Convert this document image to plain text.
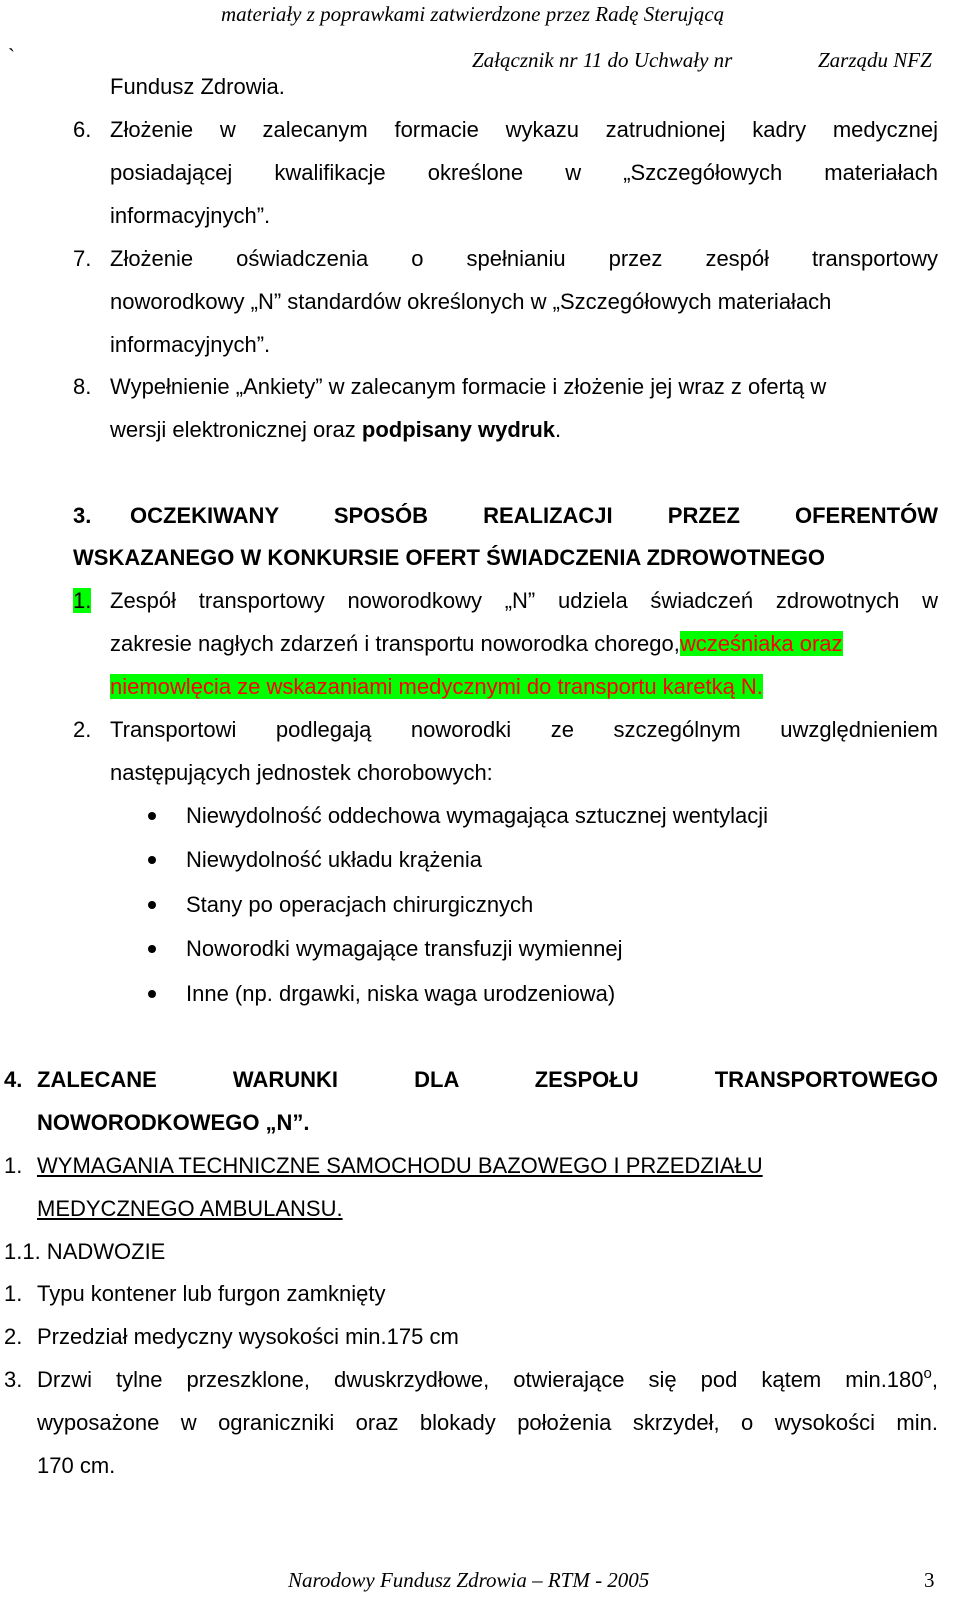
materiały z poprawkami zatwierdzone przez Radę Sterującą
`	Załącznik nr 11 do Uchwały nr	Zarządu NFZ
Fundusz Zdrowia.
6. Złożenie w zalecanym formacie wykazu zatrudnionej kadry medycznej
posiadającej kwalifikacje określone w „Szczegółowych materiałach
informacyjnych”.
7. Złożenie oświadczenia o spełnianiu przez zespół transportowy
noworodkowy „N” standardów określonych w „Szczegółowych materiałach
informacyjnych”.
8. Wypełnienie „Ankiety” w zalecanym formacie i złożenie jej wraz z ofertą w
wersji elektronicznej oraz podpisany wydruk.
3. OCZEKIWANY SPOSÓB REALIZACJI PRZEZ OFERENTÓW
WSKAZANEGO W KONKURSIE OFERT ŚWIADCZENIA ZDROWOTNEGO
1. Zespół transportowy noworodkowy „N” udziela świadczeń zdrowotnych w
zakresie nagłych zdarzeń i transportu noworodka chorego,wcześniaka oraz
niemowlęcia ze wskazaniami medycznymi do transportu karetką N.
2. Transportowi podlegają noworodki ze szczególnym uwzględnieniem
następujących jednostek chorobowych:
Niewydolność oddechowa wymagająca sztucznej wentylacji
Niewydolność układu krążenia
Stany po operacjach chirurgicznych
Noworodki wymagające transfuzji wymiennej
Inne (np. drgawki, niska waga urodzeniowa)
4. ZALECANE WARUNKI DLA ZESPOŁU TRANSPORTOWEGO
NOWORODKOWEGO „N”.
1. WYMAGANIA TECHNICZNE SAMOCHODU BAZOWEGO I PRZEDZIAŁU
MEDYCZNEGO AMBULANSU.
1.1. NADWOZIE
1. Typu kontener lub furgon zamknięty
2. Przedział medyczny wysokości min.175 cm
3. Drzwi tylne przeszklone, dwuskrzydłowe, otwierające się pod kątem min.180$^o$,
wyposażone w ograniczniki oraz blokady położenia skrzydeł, o wysokości min.
170 cm.
Narodowy Fundusz Zdrowia – RTM - 2005	3
